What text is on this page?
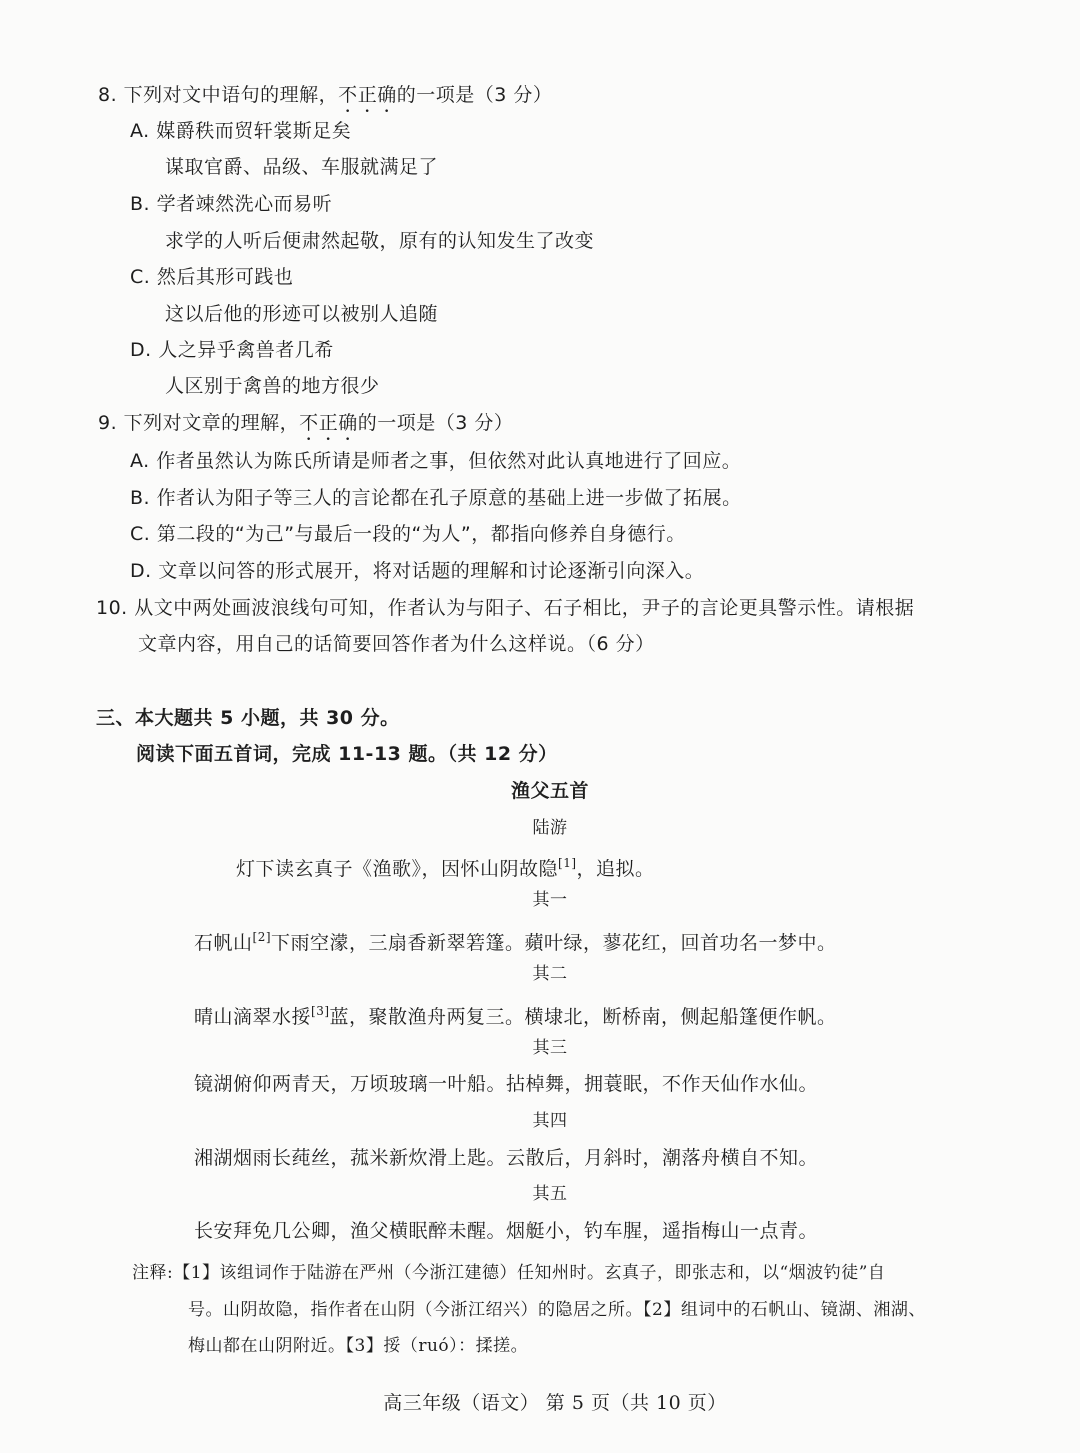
8. 下列对文中语句的理解，不正确的一项是（3 分）
A. 媒爵秩而贸轩裳斯足矣
谋取官爵、品级、车服就满足了
B. 学者竦然洗心而易听
求学的人听后便肃然起敬，原有的认知发生了改变
C. 然后其形可践也
这以后他的形迹可以被别人追随
D. 人之异乎禽兽者几希
人区别于禽兽的地方很少
9. 下列对文章的理解，不正确的一项是（3 分）
A. 作者虽然认为陈氏所请是师者之事，但依然对此认真地进行了回应。
B. 作者认为阳子等三人的言论都在孔子原意的基础上进一步做了拓展。
C. 第二段的“为己”与最后一段的“为人”，都指向修养自身德行。
D. 文章以问答的形式展开，将对话题的理解和讨论逐渐引向深入。
10. 从文中两处画波浪线句可知，作者认为与阳子、石子相比，尹子的言论更具警示性。请根据
文章内容，用自己的话简要回答作者为什么这样说。（6 分）
三、本大题共 5 小题，共 30 分。
阅读下面五首词，完成 11-13 题。（共 12 分）
渔父五首
陆游
灯下读玄真子《渔歌》，因怀山阴故隐[1]，追拟。
其一
石帆山[2]下雨空濛，三扇香新翠箬篷。蘋叶绿，蓼花红，回首功名一梦中。
其二
晴山滴翠水挼[3]蓝，聚散渔舟两复三。横埭北，断桥南，侧起船篷便作帆。
其三
镜湖俯仰两青天，万顷玻璃一叶船。拈棹舞，拥蓑眠，不作天仙作水仙。
其四
湘湖烟雨长莼丝，菰米新炊滑上匙。云散后，月斜时，潮落舟横自不知。
其五
长安拜免几公卿，渔父横眠醉未醒。烟艇小，钓车腥，遥指梅山一点青。
注释:【1】该组词作于陆游在严州（今浙江建德）任知州时。玄真子，即张志和，以“烟波钓徒”自
号。山阴故隐，指作者在山阴（今浙江绍兴）的隐居之所。【2】组词中的石帆山、镜湖、湘湖、
梅山都在山阴附近。【3】挼（ruó）：揉搓。
高三年级（语文） 第 5 页（共 10 页）
